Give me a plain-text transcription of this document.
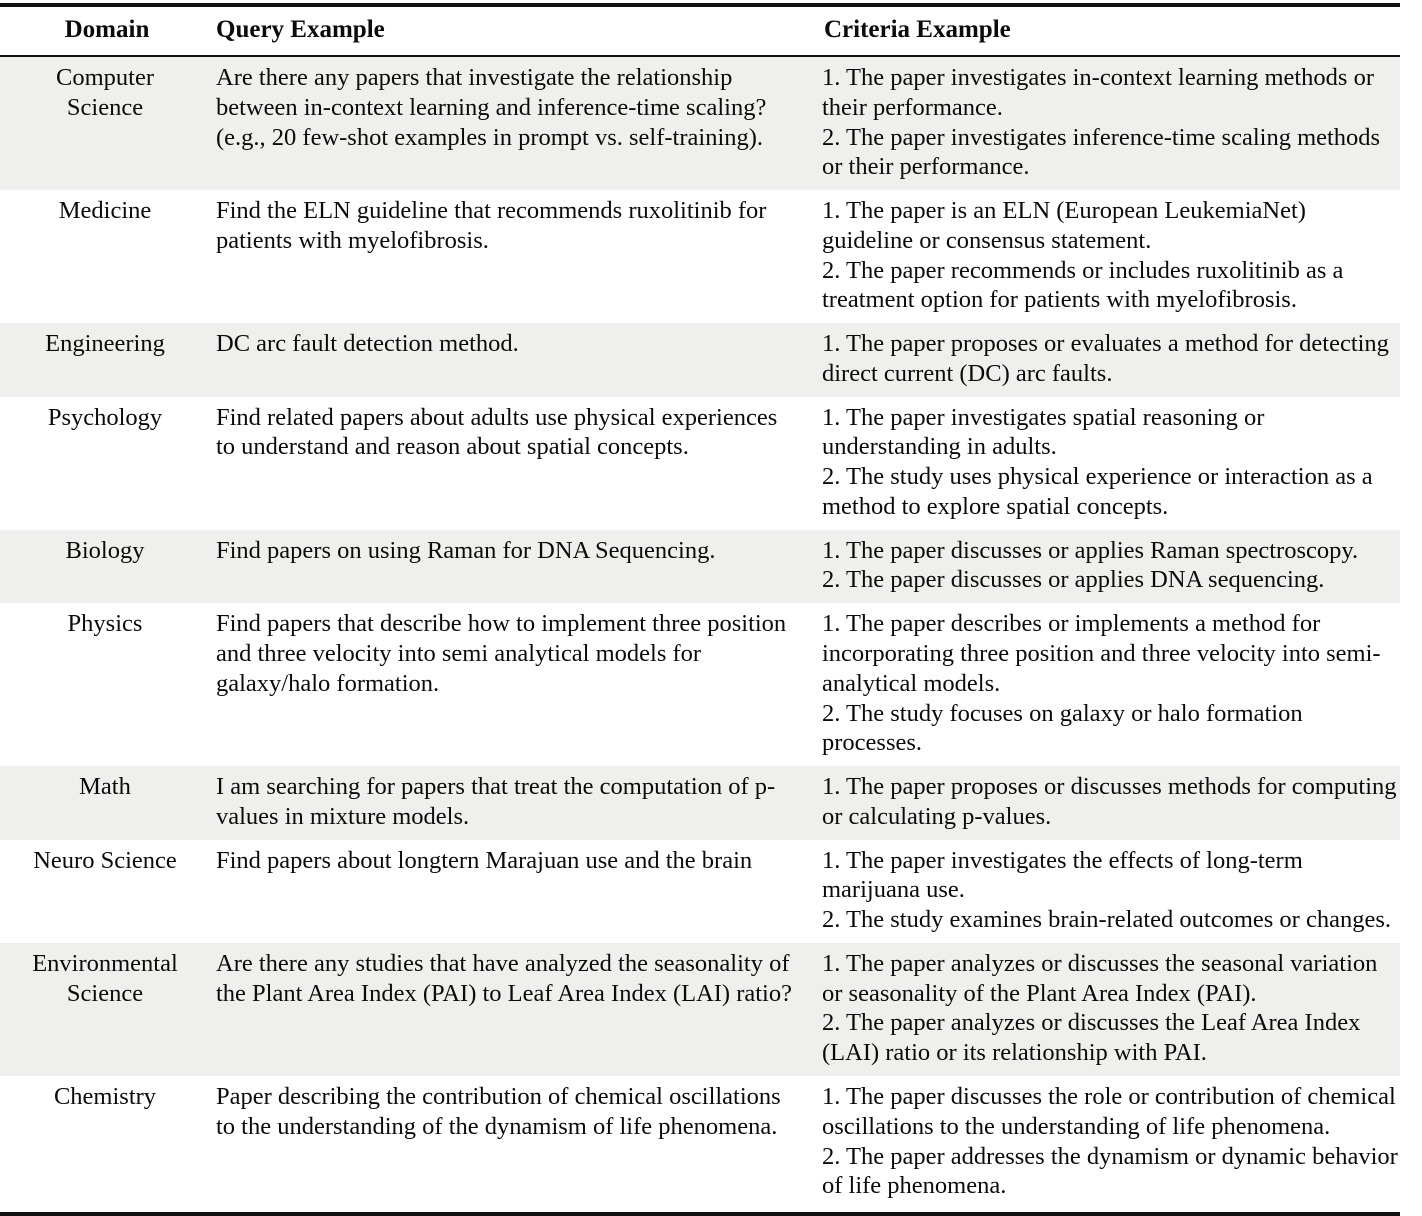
Domain	Query Example	Criteria Example
Computer
Science	Are there any papers that investigate the relationship between in-context learning and inference-time scaling? (e.g., 20 few-shot examples in prompt vs. self-training).	1. The paper investigates in-context learning methods or their performance.
2. The paper investigates inference-time scaling methods or their performance.

Medicine	Find the ELN guideline that recommends ruxolitinib for patients with myelofibrosis.	1. The paper is an ELN (European LeukemiaNet) guideline or consensus statement.
2. The paper recommends or includes ruxolitinib as a treatment option for patients with myelofibrosis.

Engineering	DC arc fault detection method.	1. The paper proposes or evaluates a method for detecting direct current (DC) arc faults.

Psychology	Find related papers about adults use physical experiences to understand and reason about spatial concepts.	1. The paper investigates spatial reasoning or understanding in adults.
2. The study uses physical experience or interaction as a method to explore spatial concepts.

Biology	Find papers on using Raman for DNA Sequencing.	1. The paper discusses or applies Raman spectroscopy.
2. The paper discusses or applies DNA sequencing.

Physics	Find papers that describe how to implement three position and three velocity into semi analytical models for galaxy/halo formation.	1. The paper describes or implements a method for incorporating three position and three velocity into semi-analytical models.
2. The study focuses on galaxy or halo formation processes.

Math	I am searching for papers that treat the computation of p-values in mixture models.	1. The paper proposes or discusses methods for computing or calculating p-values.

Neuro Science	Find papers about longtern Marajuan use and the brain	1. The paper investigates the effects of long-term marijuana use.
2. The study examines brain-related outcomes or changes.

Environmental
Science	Are there any studies that have analyzed the seasonality of the Plant Area Index (PAI) to Leaf Area Index (LAI) ratio?	1. The paper analyzes or discusses the seasonal variation or seasonality of the Plant Area Index (PAI).
2. The paper analyzes or discusses the Leaf Area Index (LAI) ratio or its relationship with PAI.

Chemistry	Paper describing the contribution of chemical oscillations to the understanding of the dynamism of life phenomena.	1. The paper discusses the role or contribution of chemical oscillations to the understanding of life phenomena.
2. The paper addresses the dynamism or dynamic behavior of life phenomena.
